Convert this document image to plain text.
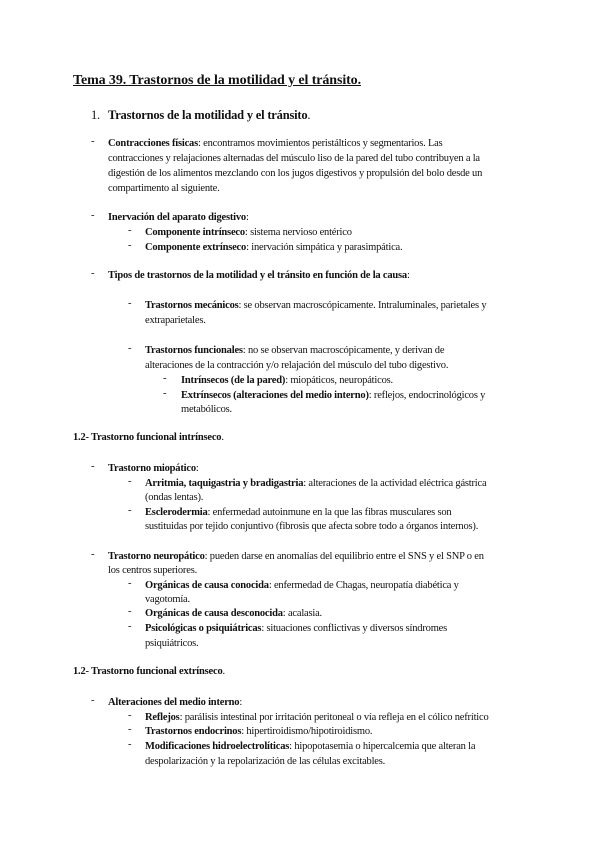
Tema 39. Trastornos de la motilidad y el tránsito.
1. Trastornos de la motilidad y el tránsito.
- Contracciones físicas: encontramos movimientos peristálticos y segmentarios. Las
contracciones y relajaciones alternadas del músculo liso de la pared del tubo contribuyen a la
digestión de los alimentos mezclando con los jugos digestivos y propulsión del bolo desde un
compartimento al siguiente.
- Inervación del aparato digestivo:
- Componente intrínseco: sistema nervioso entérico
- Componente extrínseco: inervación simpática y parasimpática.
- Tipos de trastornos de la motilidad y el tránsito en función de la causa:
- Trastornos mecánicos: se observan macroscópicamente. Intraluminales, parietales y
extraparietales.
- Trastornos funcionales: no se observan macroscópicamente, y derivan de
alteraciones de la contracción y/o relajación del músculo del tubo digestivo.
- Intrínsecos (de la pared): miopáticos, neuropáticos.
- Extrínsecos (alteraciones del medio interno): reflejos, endocrinológicos y
metabólicos.
1.2- Trastorno funcional intrínseco.
- Trastorno miopático:
- Arritmia, taquigastria y bradigastria: alteraciones de la actividad eléctrica gástrica
(ondas lentas).
- Esclerodermia: enfermedad autoinmune en la que las fibras musculares son
sustituidas por tejido conjuntivo (fibrosis que afecta sobre todo a órganos internos).
- Trastorno neuropático: pueden darse en anomalías del equilibrio entre el SNS y el SNP o en
los centros superiores.
- Orgánicas de causa conocida: enfermedad de Chagas, neuropatía diabética y
vagotomía.
- Orgánicas de causa desconocida: acalasia.
- Psicológicas o psiquiátricas: situaciones conflictivas y diversos síndromes
psiquiátricos.
1.2- Trastorno funcional extrínseco.
- Alteraciones del medio interno:
- Reflejos: parálisis intestinal por irritación peritoneal o vía refleja en el cólico nefrítico
- Trastornos endocrinos: hipertiroidismo/hipotiroidismo.
- Modificaciones hidroelectrolíticas: hipopotasemia o hipercalcemia que alteran la
despolarización y la repolarización de las células excitables.
